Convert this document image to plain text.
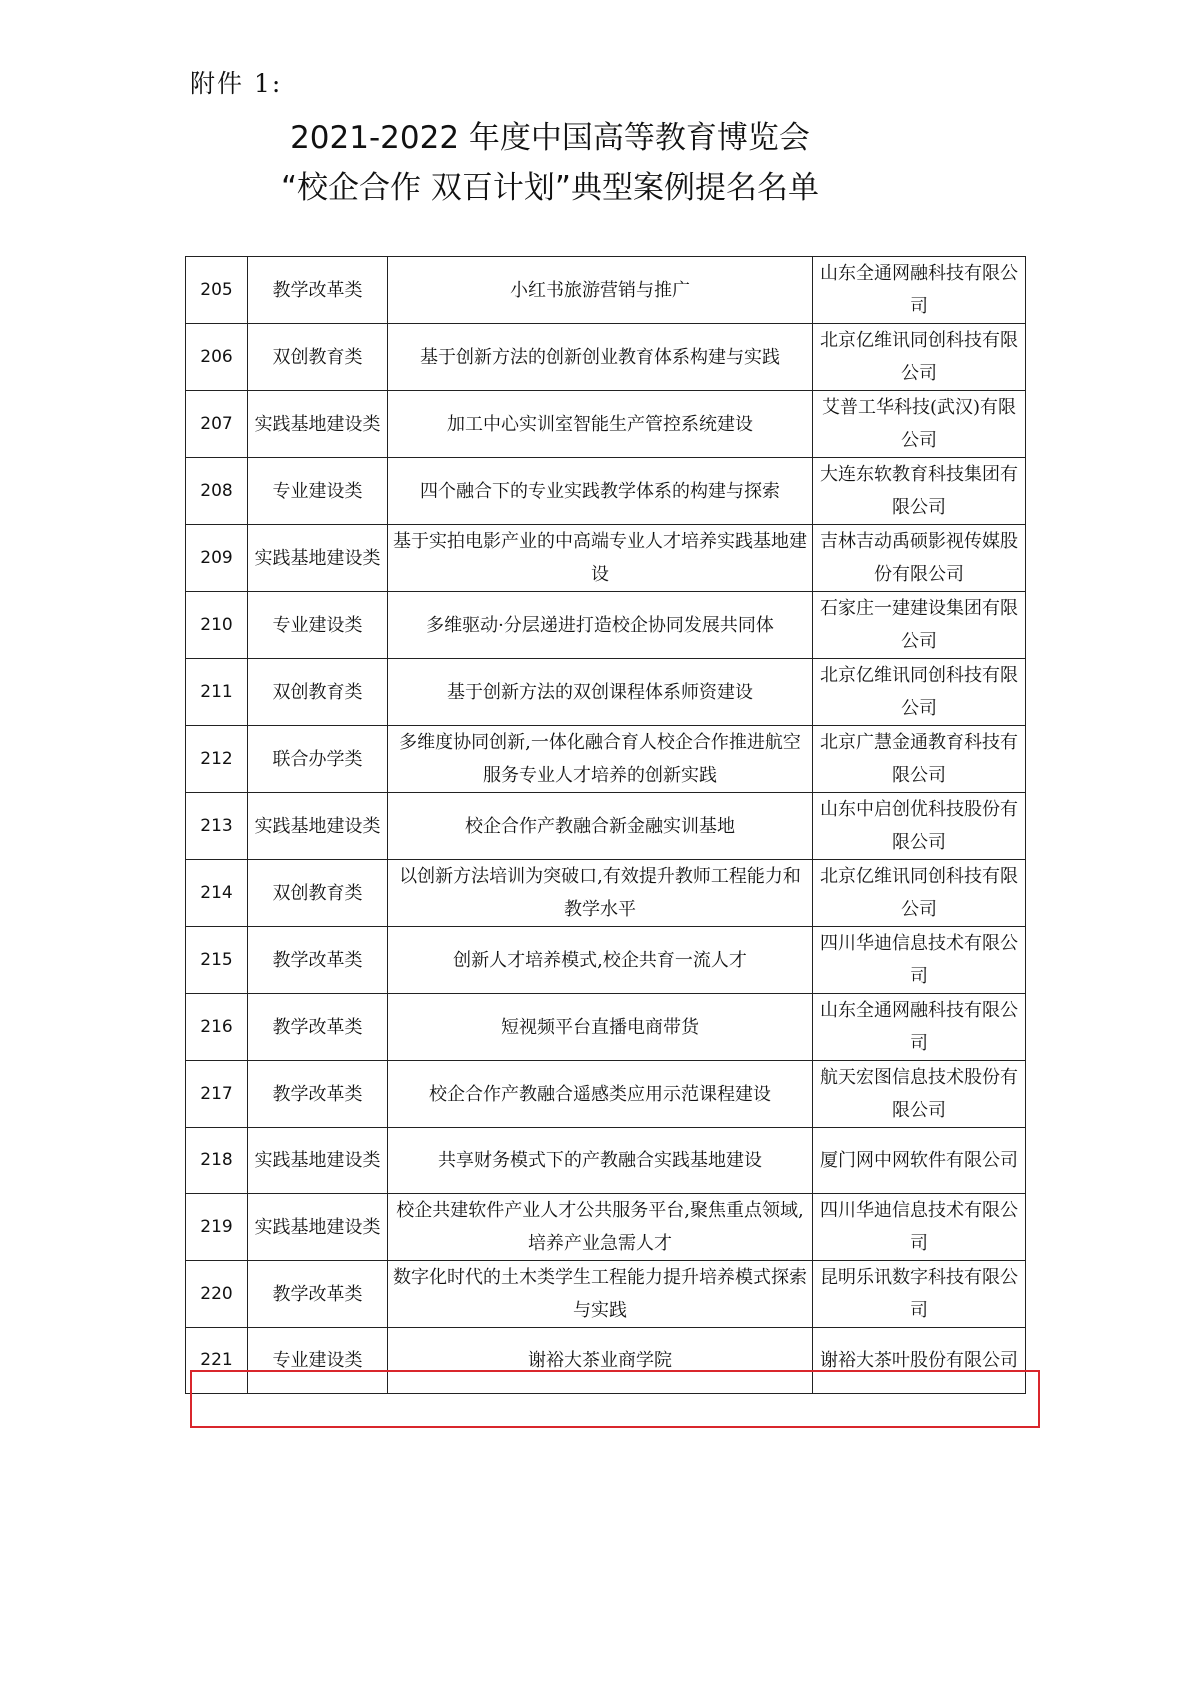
附件 1:
2021-2022 年度中国高等教育博览会
“校企合作 双百计划”典型案例提名名单
205	教学改革类	小红书旅游营销与推广	山东全通网融科技有限公司
206	双创教育类	基于创新方法的创新创业教育体系构建与实践	北京亿维讯同创科技有限公司
207	实践基地建设类	加工中心实训室智能生产管控系统建设	艾普工华科技(武汉)有限公司
208	专业建设类	四个融合下的专业实践教学体系的构建与探索	大连东软教育科技集团有限公司
209	实践基地建设类	基于实拍电影产业的中高端专业人才培养实践基地建设	吉林吉动禹硕影视传媒股份有限公司
210	专业建设类	多维驱动·分层递进打造校企协同发展共同体	石家庄一建建设集团有限公司
211	双创教育类	基于创新方法的双创课程体系师资建设	北京亿维讯同创科技有限公司
212	联合办学类	多维度协同创新,一体化融合育人校企合作推进航空服务专业人才培养的创新实践	北京广慧金通教育科技有限公司
213	实践基地建设类	校企合作产教融合新金融实训基地	山东中启创优科技股份有限公司
214	双创教育类	以创新方法培训为突破口,有效提升教师工程能力和教学水平	北京亿维讯同创科技有限公司
215	教学改革类	创新人才培养模式,校企共育一流人才	四川华迪信息技术有限公司
216	教学改革类	短视频平台直播电商带货	山东全通网融科技有限公司
217	教学改革类	校企合作产教融合遥感类应用示范课程建设	航天宏图信息技术股份有限公司
218	实践基地建设类	共享财务模式下的产教融合实践基地建设	厦门网中网软件有限公司
219	实践基地建设类	校企共建软件产业人才公共服务平台,聚焦重点领域,培养产业急需人才	四川华迪信息技术有限公司
220	教学改革类	数字化时代的土木类学生工程能力提升培养模式探索与实践	昆明乐讯数字科技有限公司
221	专业建设类	谢裕大茶业商学院	谢裕大茶叶股份有限公司
